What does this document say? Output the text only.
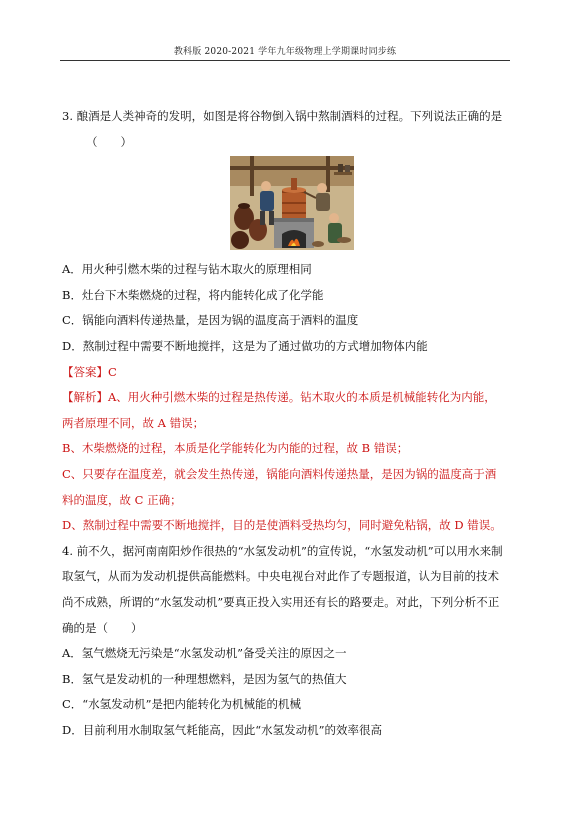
教科版 2020-2021 学年九年级物理上学期课时同步练
3. 酿酒是人类神奇的发明，如图是将谷物倒入锅中熬制酒料的过程。下列说法正确的是
（　　）
A．用火种引燃木柴的过程与钻木取火的原理相同
B．灶台下木柴燃烧的过程，将内能转化成了化学能
C．锅能向酒料传递热量，是因为锅的温度高于酒料的温度
D．熬制过程中需要不断地搅拌，这是为了通过做功的方式增加物体内能
【答案】C
【解析】A、用火种引燃木柴的过程是热传递。钻木取火的本质是机械能转化为内能，
两者原理不同，故 A 错误；
B、木柴燃烧的过程，本质是化学能转化为内能的过程，故 B 错误；
C、只要存在温度差，就会发生热传递，锅能向酒料传递热量，是因为锅的温度高于酒
料的温度，故 C 正确；
D、熬制过程中需要不断地搅拌，目的是使酒料受热均匀，同时避免粘锅，故 D 错误。
4. 前不久，据河南南阳炒作很热的“水氢发动机”的宣传说，“水氢发动机”可以用水来制
取氢气，从而为发动机提供高能燃料。中央电视台对此作了专题报道，认为目前的技术
尚不成熟，所谓的“水氢发动机”要真正投入实用还有长的路要走。对此，下列分析不正
确的是（　　）
A．氢气燃烧无污染是“水氢发动机”备受关注的原因之一
B．氢气是发动机的一种理想燃料，是因为氢气的热值大
C．“水氢发动机”是把内能转化为机械能的机械
D．目前利用水制取氢气耗能高，因此“水氢发动机”的效率很高
